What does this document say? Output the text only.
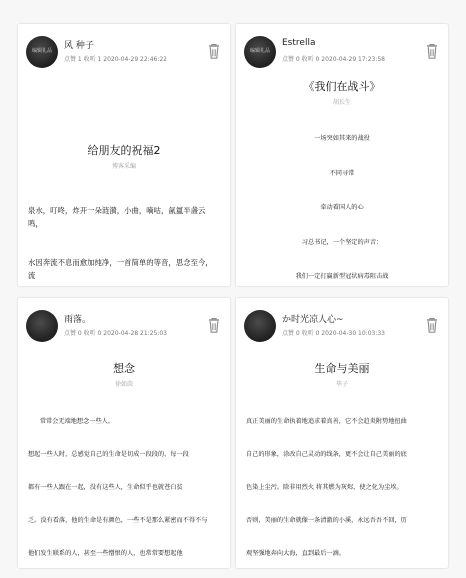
编辑礼品 风 种子
点赞 1 收听 1 2020-04-29 22:46:22
给朋友的祝福2
博客采编

泉水，叮咚，炸开一朵涟漪，小曲，嘀咕，氤氲半盏云鸣，

水因奔流不息而愈加纯净，一首简单的等音，思念至今，流

编辑礼品
Estrella
点赞 0 收听 0 2020-04-29 17:23:58
《我们在战斗》
胡长生

一场突如其来的战役

不同寻常

牵动着国人的心

习总书记，一个坚定的声音：

我们一定打赢新型冠状病毒阻击战

雨落。
点赞 0 收听 0 2020-04-28 21:25:03
想念
徐如茵

常常会无端地想念一些人。

想起一些人时，总感觉自己的生命是切成一段段的，每一段

都有一些人跟在一起，没有这些人，生命似乎也就苍白贫

乏。没有看落，他的生命是有颜色，一些不是那么紧密而不得不与

他们发生联系的人，甚至一些憎恨的人，也常常要想起他

か时光凉人心~
点赞 0 收听 0 2020-04-30 10:03:33
生命与美丽
毕子

真正美丽的生命执着地追求着真善，它不会趋炎附势地扭曲

自己的形象，涂改自己灵动的线条，更不会让自己美丽的底

色染上尘污。除非用烈火 将其燃为灰烬，使之化为尘埃。

否则，美丽的生命就像一条清澈的小溪，永远吾吾不回，历

观坚强地奔向大海，直到最后一滴。
